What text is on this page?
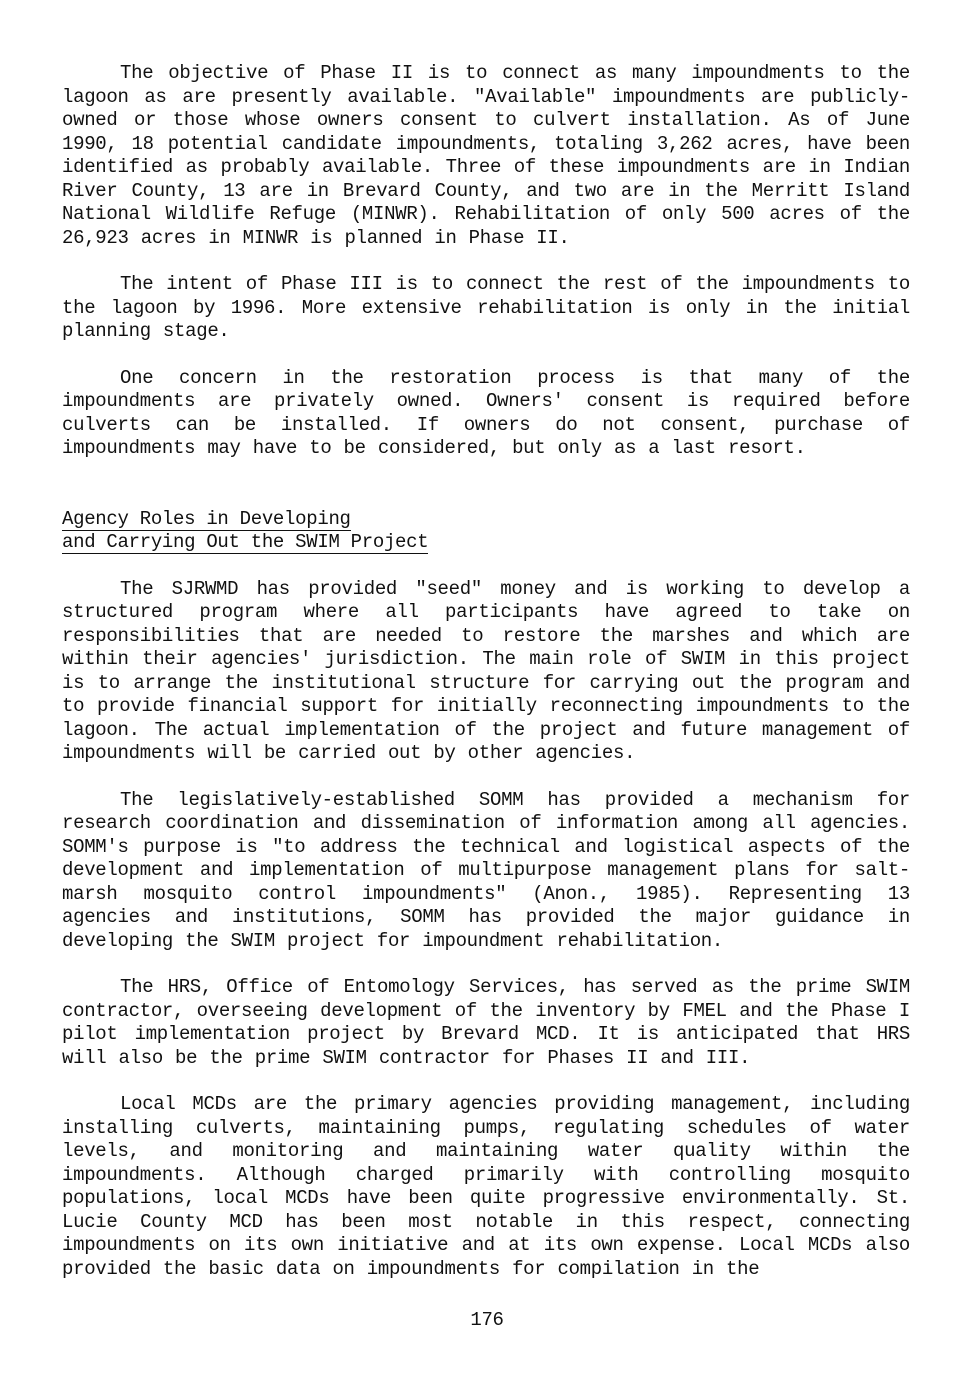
The objective of Phase II is to connect as many impoundments to the lagoon as are presently available. "Available" impoundments are publicly-owned or those whose owners consent to culvert installation. As of June 1990, 18 potential candidate impoundments, totaling 3,262 acres, have been identified as probably available. Three of these impoundments are in Indian River County, 13 are in Brevard County, and two are in the Merritt Island National Wildlife Refuge (MINWR). Rehabilitation of only 500 acres of the 26,923 acres in MINWR is planned in Phase II.

The intent of Phase III is to connect the rest of the impoundments to the lagoon by 1996. More extensive rehabilitation is only in the initial planning stage.

One concern in the restoration process is that many of the impoundments are privately owned. Owners' consent is required before culverts can be installed. If owners do not consent, purchase of impoundments may have to be considered, but only as a last resort.

Agency Roles in Developing
and Carrying Out the SWIM Project

The SJRWMD has provided "seed" money and is working to develop a structured program where all participants have agreed to take on responsibilities that are needed to restore the marshes and which are within their agencies' jurisdiction. The main role of SWIM in this project is to arrange the institutional structure for carrying out the program and to provide financial support for initially reconnecting impoundments to the lagoon. The actual implementation of the project and future management of impoundments will be carried out by other agencies.

The legislatively-established SOMM has provided a mechanism for research coordination and dissemination of information among all agencies. SOMM's purpose is "to address the technical and logistical aspects of the development and implementation of multipurpose management plans for salt-marsh mosquito control impoundments" (Anon., 1985). Representing 13 agencies and institutions, SOMM has provided the major guidance in developing the SWIM project for impoundment rehabilitation.

The HRS, Office of Entomology Services, has served as the prime SWIM contractor, overseeing development of the inventory by FMEL and the Phase I pilot implementation project by Brevard MCD. It is anticipated that HRS will also be the prime SWIM contractor for Phases II and III.

Local MCDs are the primary agencies providing management, including installing culverts, maintaining pumps, regulating schedules of water levels, and monitoring and maintaining water quality within the impoundments. Although charged primarily with controlling mosquito populations, local MCDs have been quite progressive environmentally. St. Lucie County MCD has been most notable in this respect, connecting impoundments on its own initiative and at its own expense. Local MCDs also provided the basic data on impoundments for compilation in the

176
